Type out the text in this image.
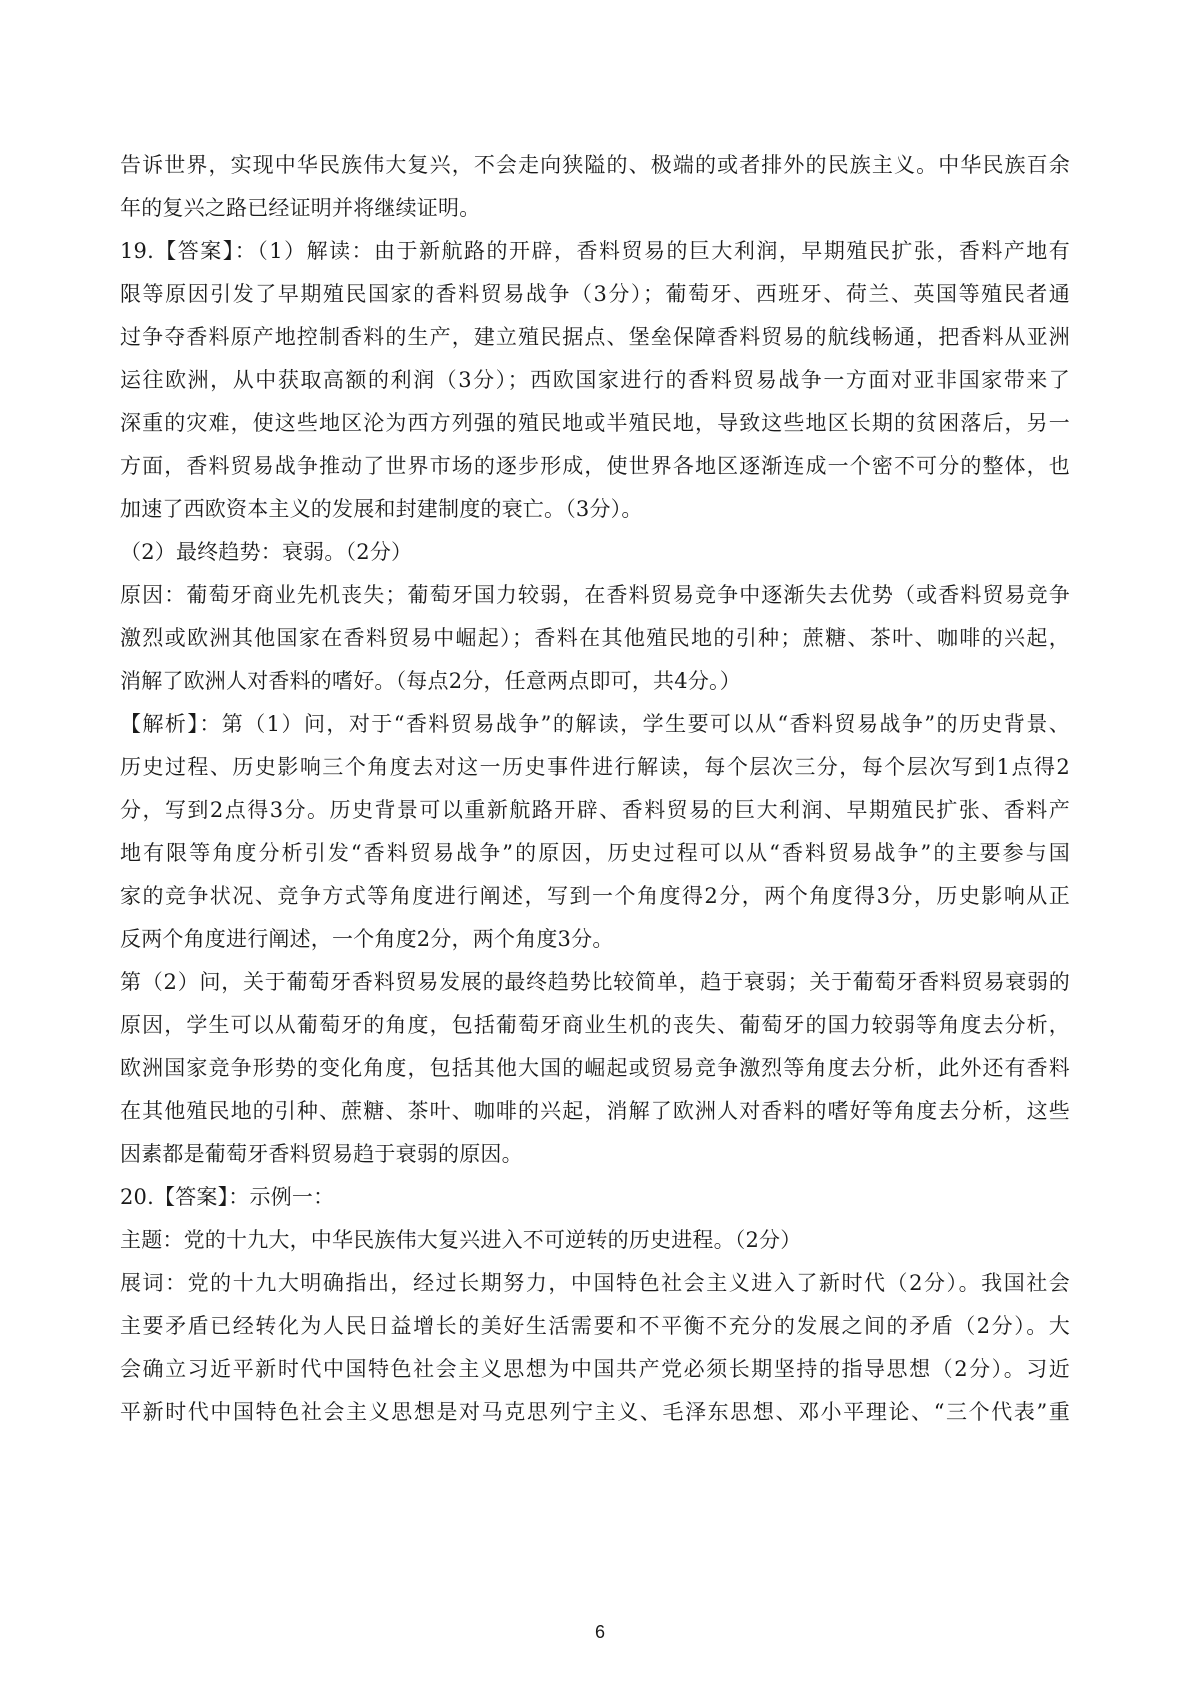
告诉世界，实现中华民族伟大复兴，不会走向狭隘的、极端的或者排外的民族主义。中华民族百余
年的复兴之路已经证明并将继续证明。
19.【答案】：（1）解读：由于新航路的开辟，香料贸易的巨大利润，早期殖民扩张，香料产地有
限等原因引发了早期殖民国家的香料贸易战争（3分）；葡萄牙、西班牙、荷兰、英国等殖民者通
过争夺香料原产地控制香料的生产，建立殖民据点、堡垒保障香料贸易的航线畅通，把香料从亚洲
运往欧洲，从中获取高额的利润（3分）；西欧国家进行的香料贸易战争一方面对亚非国家带来了
深重的灾难，使这些地区沦为西方列强的殖民地或半殖民地，导致这些地区长期的贫困落后，另一
方面，香料贸易战争推动了世界市场的逐步形成，使世界各地区逐渐连成一个密不可分的整体，也
加速了西欧资本主义的发展和封建制度的衰亡。（3分）。
（2）最终趋势：衰弱。（2分）
原因：葡萄牙商业先机丧失；葡萄牙国力较弱，在香料贸易竞争中逐渐失去优势（或香料贸易竞争
激烈或欧洲其他国家在香料贸易中崛起）；香料在其他殖民地的引种；蔗糖、茶叶、咖啡的兴起，
消解了欧洲人对香料的嗜好。（每点2分，任意两点即可，共4分。）
【解析】：第（1）问，对于“香料贸易战争”的解读，学生要可以从“香料贸易战争”的历史背景、
历史过程、历史影响三个角度去对这一历史事件进行解读，每个层次三分，每个层次写到1点得2
分，写到2点得3分。历史背景可以重新航路开辟、香料贸易的巨大利润、早期殖民扩张、香料产
地有限等角度分析引发“香料贸易战争”的原因，历史过程可以从“香料贸易战争”的主要参与国
家的竞争状况、竞争方式等角度进行阐述，写到一个角度得2分，两个角度得3分，历史影响从正
反两个角度进行阐述，一个角度2分，两个角度3分。
第（2）问，关于葡萄牙香料贸易发展的最终趋势比较简单，趋于衰弱；关于葡萄牙香料贸易衰弱的
原因，学生可以从葡萄牙的角度，包括葡萄牙商业生机的丧失、葡萄牙的国力较弱等角度去分析，
欧洲国家竞争形势的变化角度，包括其他大国的崛起或贸易竞争激烈等角度去分析，此外还有香料
在其他殖民地的引种、蔗糖、茶叶、咖啡的兴起，消解了欧洲人对香料的嗜好等角度去分析，这些
因素都是葡萄牙香料贸易趋于衰弱的原因。
20.【答案】：示例一：
主题：党的十九大，中华民族伟大复兴进入不可逆转的历史进程。（2分）
展词：党的十九大明确指出，经过长期努力，中国特色社会主义进入了新时代（2分）。我国社会
主要矛盾已经转化为人民日益增长的美好生活需要和不平衡不充分的发展之间的矛盾（2分）。大
会确立习近平新时代中国特色社会主义思想为中国共产党必须长期坚持的指导思想（2分）。习近
平新时代中国特色社会主义思想是对马克思列宁主义、毛泽东思想、邓小平理论、“三个代表”重
6
